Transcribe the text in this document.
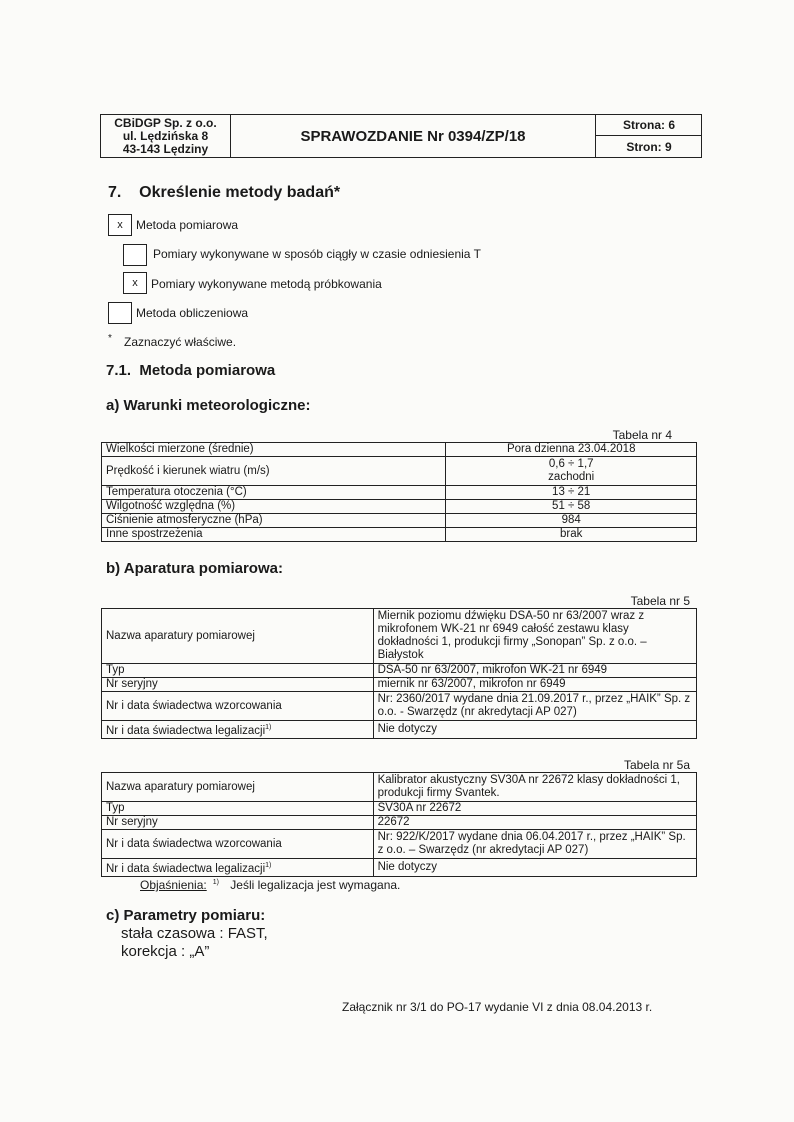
CBiDGP Sp. z o.o.
ul. Lędzińska 8
43-143 Lędziny
SPRAWOZDANIE Nr 0394/ZP/18
Strona: 6
Stron: 9
7.    Określenie metody badań*
x	Metoda pomiarowa
Pomiary wykonywane w sposób ciągły w czasie odniesienia T
x	Pomiary wykonywane metodą próbkowania
Metoda obliczeniowa
* Zaznaczyć właściwe.
7.1.  Metoda pomiarowa
a) Warunki meteorologiczne:
Tabela nr 4
Wielkości mierzone (średnie)	Pora dzienna 23.04.2018
Prędkość i kierunek wiatru (m/s)	0,6 ÷ 1,7
zachodni

Temperatura otoczenia (°C)	13 ÷ 21
Wilgotność względna (%)	51 ÷ 58
Ciśnienie atmosferyczne (hPa)	984
Inne spostrzeżenia	brak
b) Aparatura pomiarowa:
Tabela nr 5
Nazwa aparatury pomiarowej	Miernik poziomu dźwięku DSA-50 nr 63/2007 wraz z mikrofonem WK-21 nr 6949 całość zestawu klasy dokładności 1, produkcji firmy „Sonopan” Sp. z o.o. – Białystok
Typ	DSA-50 nr 63/2007, mikrofon WK-21 nr 6949
Nr seryjny	miernik nr 63/2007, mikrofon nr 6949
Nr i data świadectwa wzorcowania	Nr: 2360/2017 wydane dnia 21.09.2017 r., przez „HAIK” Sp. z o.o. - Swarzędz (nr akredytacji AP 027)
Nr i data świadectwa legalizacji$^{1)}$	Nie dotyczy
Tabela nr 5a
Nazwa aparatury pomiarowej	Kalibrator akustyczny SV30A nr 22672 klasy dokładności 1, produkcji firmy Svantek.
Typ	SV30A nr 22672
Nr seryjny	22672
Nr i data świadectwa wzorcowania	Nr: 922/K/2017 wydane dnia 06.04.2017 r., przez „HAIK” Sp. z o.o. – Swarzędz (nr akredytacji AP 027)
Nr i data świadectwa legalizacji$^{1)}$	Nie dotyczy
Objaśnienia: $^{1)}$ Jeśli legalizacja jest wymagana.
c) Parametry pomiaru:
stała czasowa : FAST,
korekcja : „A”
Załącznik nr 3/1 do PO-17 wydanie VI z dnia 08.04.2013 r.
